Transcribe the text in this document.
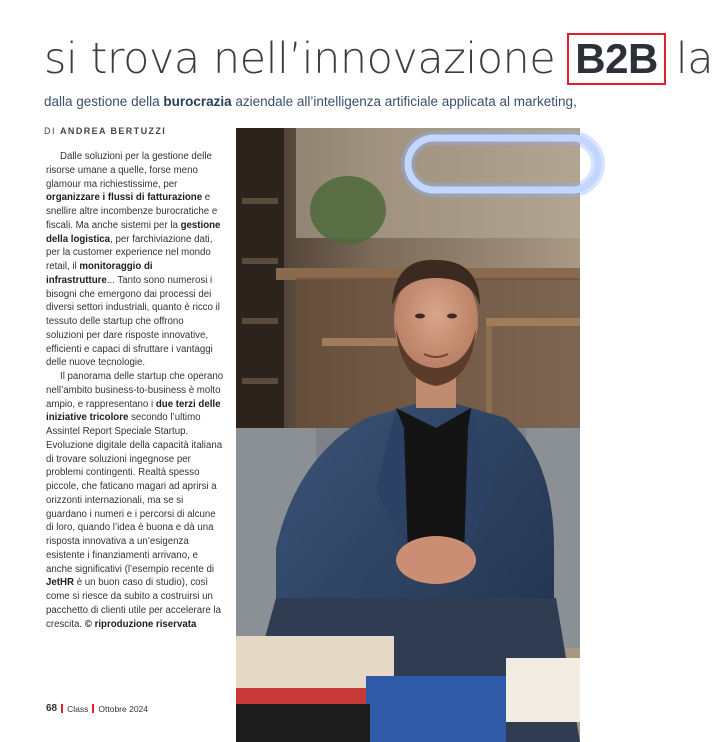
si trova nell’innovazione B2B la
dalla gestione della burocrazia aziendale all’intelligenza artificiale applicata al marketing,
DI ANDREA BERTUZZI

Dalle soluzioni per la gestione delle risorse umane a quelle, forse meno glamour ma richiestissime, per organizzare i flussi di fatturazione e snellire altre incombenze burocratiche e fiscali. Ma anche sistemi per la gestione della logistica, per farchiviazione dati, per la customer experience nel mondo retail, il monitoraggio di infrastrutture... Tanto sono numerosi i bisogni che emergono dai processi dei diversi settori industriali, quanto è ricco il tessuto delle startup che offrono soluzioni per dare risposte innovative, efficienti e capaci di sfruttare i vantaggi delle nuove tecnologie.

Il panorama delle startup che operano nell’ambito business-to-business è molto ampio, e rappresentano i due terzi delle iniziative tricolore secondo l’ultimo Assintel Report Speciale Startup. Evoluzione digitale della capacità italiana di trovare soluzioni ingegnose per problemi contingenti. Realtà spesso piccole, che faticano magari ad aprirsi a orizzonti internazionali, ma se si guardano i numeri e i percorsi di alcune di loro, quando l’idea è buona e dà una risposta innovativa a un’esigenza esistente i finanziamenti arrivano, e anche significativi (l’esempio recente di JetHR è un buon caso di studio), così come si riesce da subito a costruirsi un pacchetto di clienti utile per accelerare la crescita. © riproduzione riservata

68 Class Ottobre 2024
